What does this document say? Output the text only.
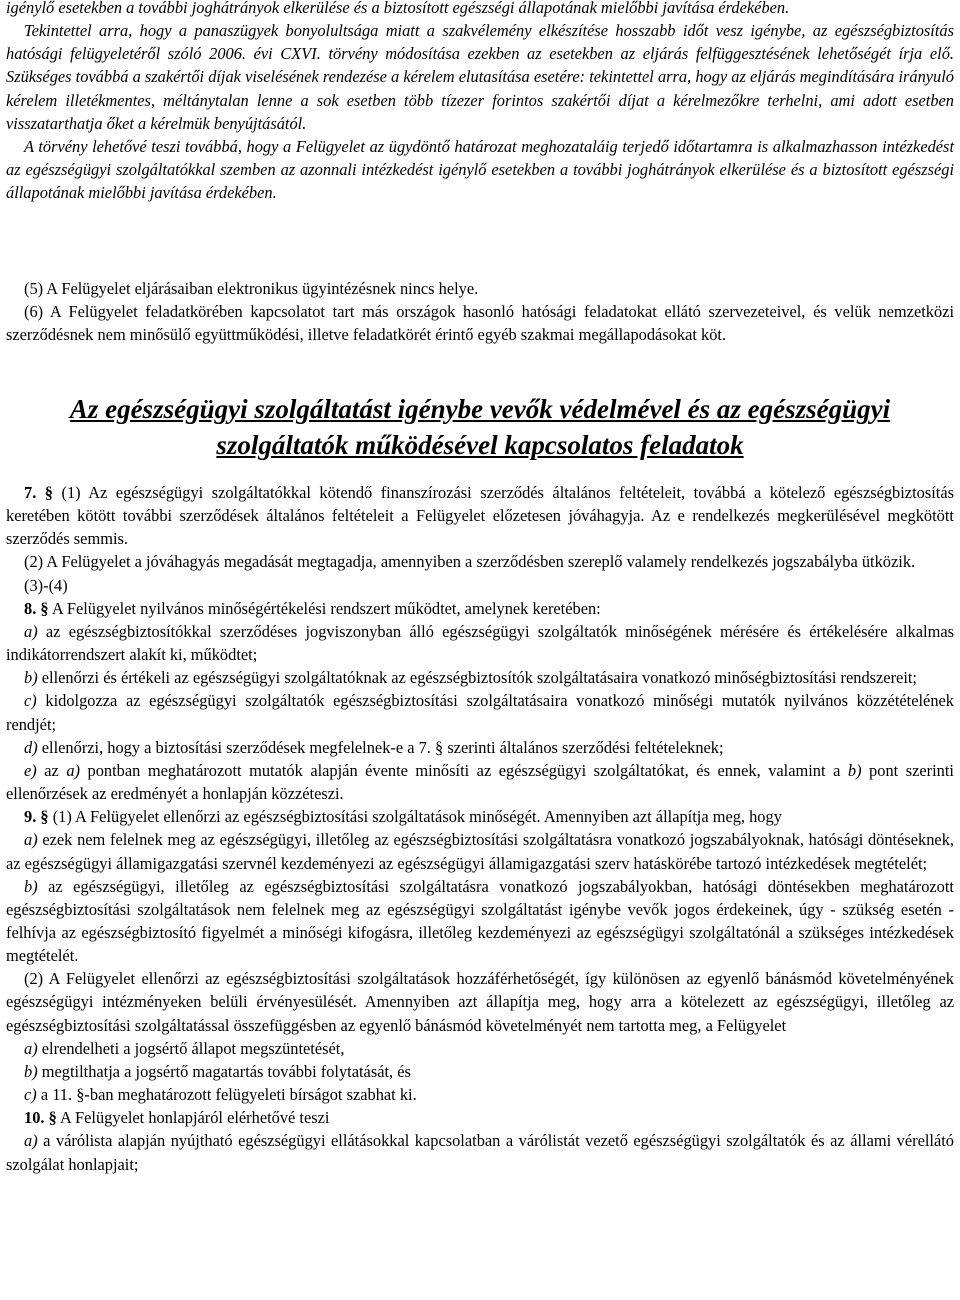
igénylő esetekben a további joghátrányok elkerülése és a biztosított egészségi állapotának mielőbbi javítása érdekében.

Tekintettel arra, hogy a panaszügyek bonyolultsága miatt a szakvélemény elkészítése hosszabb időt vesz igénybe, az egészségbiztosítás hatósági felügyeletéről szóló 2006. évi CXVI. törvény módosítása ezekben az esetekben az eljárás felfüggesztésének lehetőségét írja elő. Szükséges továbbá a szakértői díjak viselésének rendezése a kérelem elutasítása esetére: tekintettel arra, hogy az eljárás megindítására irányuló kérelem illetékmentes, méltánytalan lenne a sok esetben több tízezer forintos szakértői díjat a kérelmezőkre terhelni, ami adott esetben visszatarthatja őket a kérelmük benyújtásától.

A törvény lehetővé teszi továbbá, hogy a Felügyelet az ügydöntő határozat meghozataláig terjedő időtartamra is alkalmazhasson intézkedést az egészségügyi szolgáltatókkal szemben az azonnali intézkedést igénylő esetekben a további joghátrányok elkerülése és a biztosított egészségi állapotának mielőbbi javítása érdekében.

(5) A Felügyelet eljárásaiban elektronikus ügyintézésnek nincs helye.

(6) A Felügyelet feladatkörében kapcsolatot tart más országok hasonló hatósági feladatokat ellátó szervezeteivel, és velük nemzetközi szerződésnek nem minősülő együttműködési, illetve feladatkörét érintő egyéb szakmai megállapodásokat köt.

Az egészségügyi szolgáltatást igénybe vevők védelmével és az egészségügyi
szolgáltatók működésével kapcsolatos feladatok

7. § (1) Az egészségügyi szolgáltatókkal kötendő finanszírozási szerződés általános feltételeit, továbbá a kötelező egészségbiztosítás keretében kötött további szerződések általános feltételeit a Felügyelet előzetesen jóváhagyja. Az e rendelkezés megkerülésével megkötött szerződés semmis.

(2) A Felügyelet a jóváhagyás megadását megtagadja, amennyiben a szerződésben szereplő valamely rendelkezés jogszabályba ütközik.

(3)-(4)

8. § A Felügyelet nyilvános minőségértékelési rendszert működtet, amelynek keretében:

a) az egészségbiztosítókkal szerződéses jogviszonyban álló egészségügyi szolgáltatók minőségének mérésére és értékelésére alkalmas indikátorrendszert alakít ki, működtet;

b) ellenőrzi és értékeli az egészségügyi szolgáltatóknak az egészségbiztosítók szolgáltatásaira vonatkozó minőségbiztosítási rendszereit;

c) kidolgozza az egészségügyi szolgáltatók egészségbiztosítási szolgáltatásaira vonatkozó minőségi mutatók nyilvános közzétételének rendjét;

d) ellenőrzi, hogy a biztosítási szerződések megfelelnek-e a 7. § szerinti általános szerződési feltételeknek;

e) az a) pontban meghatározott mutatók alapján évente minősíti az egészségügyi szolgáltatókat, és ennek, valamint a b) pont szerinti ellenőrzések az eredményét a honlapján közzéteszi.

9. § (1) A Felügyelet ellenőrzi az egészségbiztosítási szolgáltatások minőségét. Amennyiben azt állapítja meg, hogy

a) ezek nem felelnek meg az egészségügyi, illetőleg az egészségbiztosítási szolgáltatásra vonatkozó jogszabályoknak, hatósági döntéseknek, az egészségügyi államigazgatási szervnél kezdeményezi az egészségügyi államigazgatási szerv hatáskörébe tartozó intézkedések megtételét;

b) az egészségügyi, illetőleg az egészségbiztosítási szolgáltatásra vonatkozó jogszabályokban, hatósági döntésekben meghatározott egészségbiztosítási szolgáltatások nem felelnek meg az egészségügyi szolgáltatást igénybe vevők jogos érdekeinek, úgy - szükség esetén - felhívja az egészségbiztosító figyelmét a minőségi kifogásra, illetőleg kezdeményezi az egészségügyi szolgáltatónál a szükséges intézkedések megtételét.

(2) A Felügyelet ellenőrzi az egészségbiztosítási szolgáltatások hozzáférhetőségét, így különösen az egyenlő bánásmód követelményének egészségügyi intézményeken belüli érvényesülését. Amennyiben azt állapítja meg, hogy arra a kötelezett az egészségügyi, illetőleg az egészségbiztosítási szolgáltatással összefüggésben az egyenlő bánásmód követelményét nem tartotta meg, a Felügyelet

a) elrendelheti a jogsértő állapot megszüntetését,

b) megtilthatja a jogsértő magatartás további folytatását, és

c) a 11. §-ban meghatározott felügyeleti bírságot szabhat ki.

10. § A Felügyelet honlapjáról elérhetővé teszi

a) a várólista alapján nyújtható egészségügyi ellátásokkal kapcsolatban a várólistát vezető egészségügyi szolgáltatók és az állami vérellátó szolgálat honlapjait;
